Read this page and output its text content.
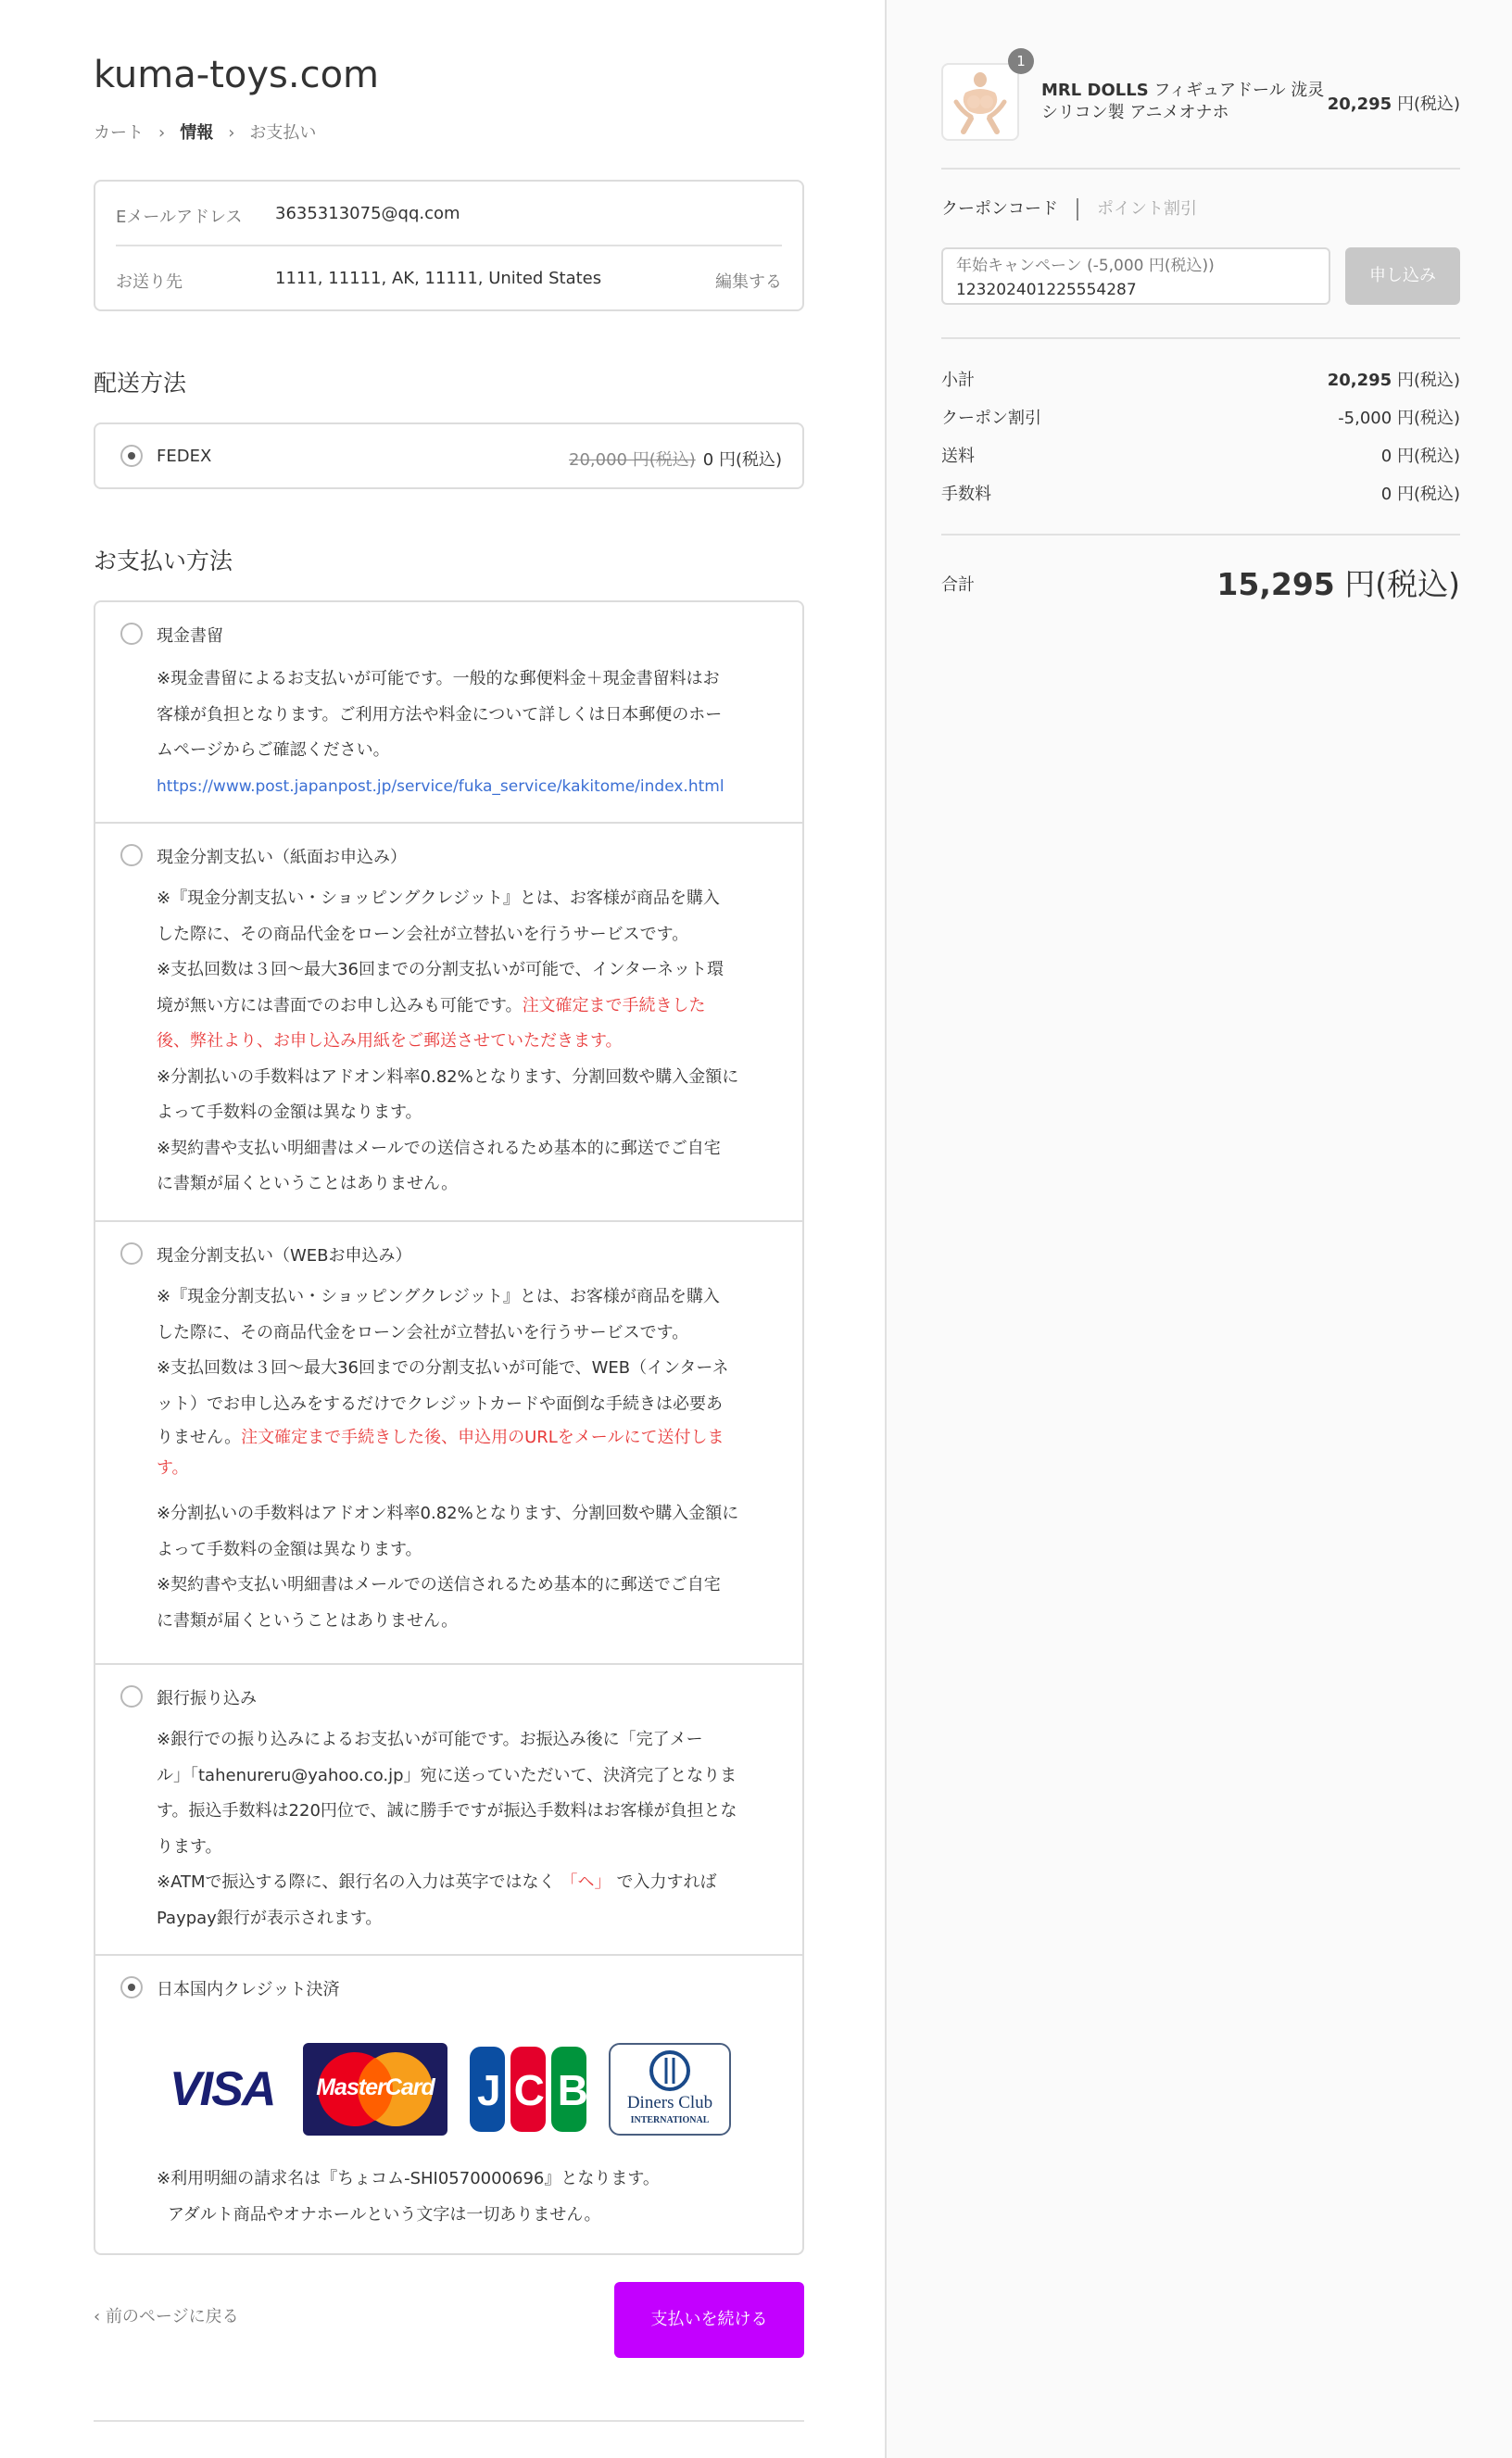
kuma-toys.com
カート › 情報 › お支払い
Eメールアドレス 3635313075@qq.com
お送り先	1111, 11111, AK, 11111, United States	編集する
配送方法
FEDEX	20,000 円(税込) 0 円(税込)
お支払い方法
現金書留
※現金書留によるお支払いが可能です。一般的な郵便料金＋現金書留料はお
客様が負担となります。ご利用方法や料金について詳しくは日本郵便のホー
ムページからご確認ください。
https://www.post.japanpost.jp/service/fuka_service/kakitome/index.html
現金分割支払い（紙面お申込み）
※『現金分割支払い・ショッピングクレジット』とは、お客様が商品を購入
した際に、その商品代金をローン会社が立替払いを行うサービスです。
※支払回数は３回～最大36回までの分割支払いが可能で、インターネット環
境が無い方には書面でのお申し込みも可能です。注文確定まで手続きした
後、弊社より、お申し込み用紙をご郵送させていただきます。
※分割払いの手数料はアドオン料率0.82%となります、分割回数や購入金額に
よって手数料の金額は異なります。
※契約書や支払い明細書はメールでの送信されるため基本的に郵送でご自宅
に書類が届くということはありません。
現金分割支払い（WEBお申込み）
※『現金分割支払い・ショッピングクレジット』とは、お客様が商品を購入
した際に、その商品代金をローン会社が立替払いを行うサービスです。
※支払回数は３回～最大36回までの分割支払いが可能で、WEB（インターネ
ット）でお申し込みをするだけでクレジットカードや面倒な手続きは必要あ
りません。注文確定まで手続きした後、申込用のURLをメールにて送付しま
す。
※分割払いの手数料はアドオン料率0.82%となります、分割回数や購入金額に
よって手数料の金額は異なります。
※契約書や支払い明細書はメールでの送信されるため基本的に郵送でご自宅
に書類が届くということはありません。
銀行振り込み
※銀行での振り込みによるお支払いが可能です。お振込み後に「完了メー
ル」「tahenureru@yahoo.co.jp」宛に送っていただいて、決済完了となりま
す。振込手数料は220円位で、誠に勝手ですが振込手数料はお客様が負担とな
ります。
※ATMで振込する際に、銀行名の入力は英字ではなく 「ヘ」 で入力すれば
Paypay銀行が表示されます。
日本国内クレジット決済
VISA	MasterCard	JCB	Diners Club
INTERNATIONAL
※利用明細の請求名は『ちょコム-SHI0570000696』となります。
アダルト商品やオナホールという文字は一切ありません。
‹ 前のページに戻る	支払いを続ける
1
MRL DOLLS フィギュアドール 泷灵
シリコン製 アニメオナホ	20,295 円(税込)
クーポンコード ポイント割引
年始キャンペーン (-5,000 円(税込))
123202401225554287
申し込み
小計	20,295 円(税込)
クーポン割引	-5,000 円(税込)
送料	0 円(税込)
手数料	0 円(税込)
合計	15,295 円(税込)
